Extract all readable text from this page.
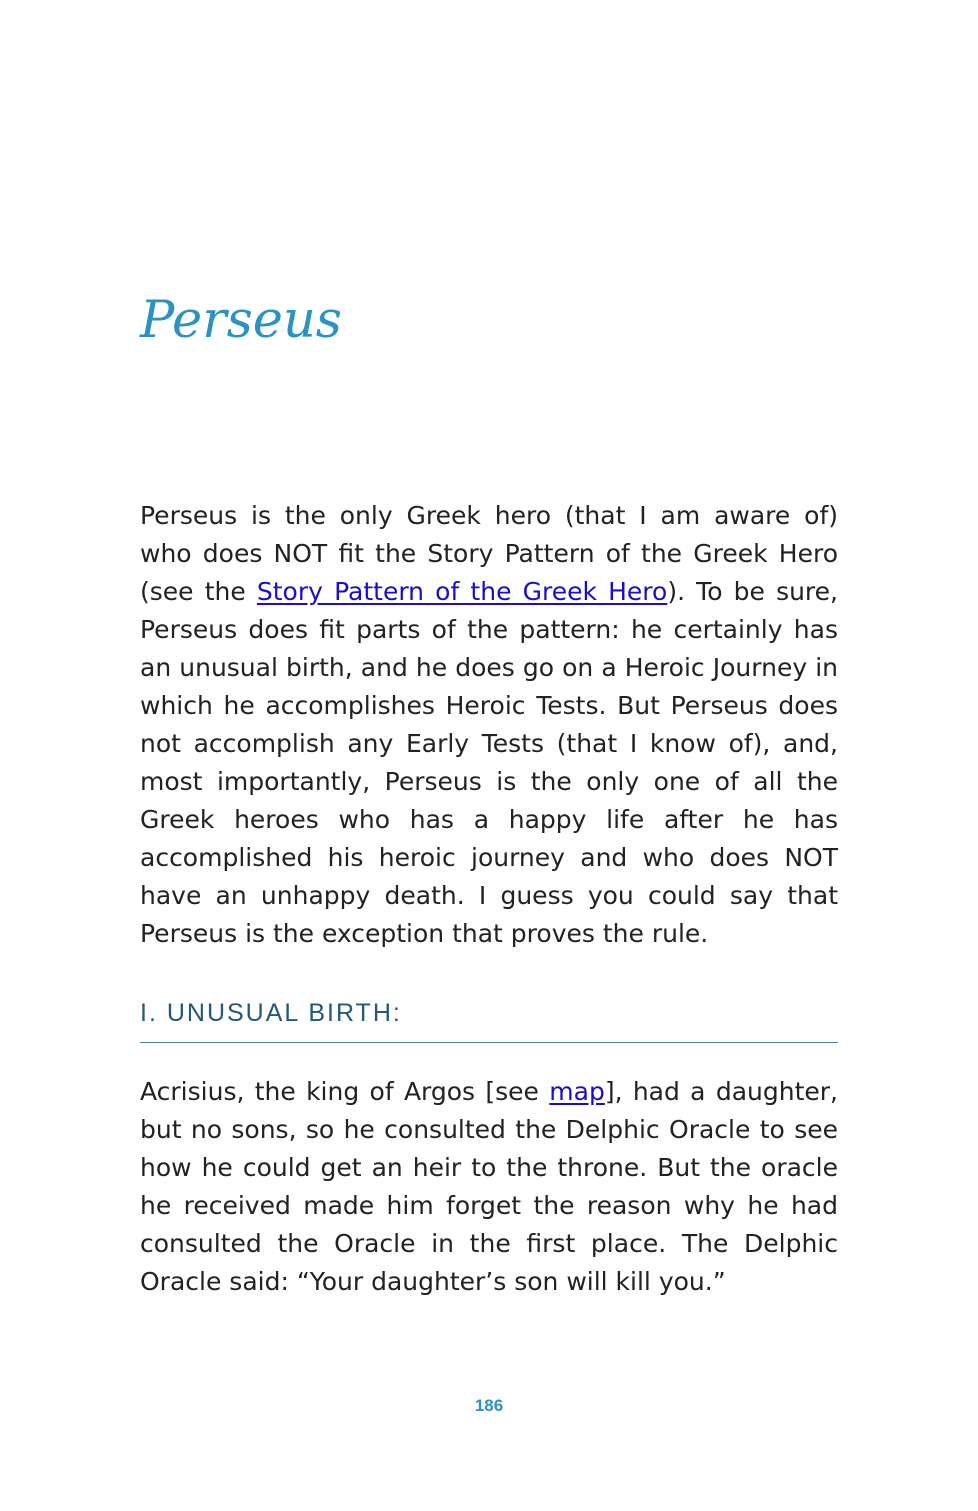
Perseus

Perseus is the only Greek hero (that I am aware of) who does NOT fit the Story Pattern of the Greek Hero (see the Story Pattern of the Greek Hero). To be sure, Perseus does fit parts of the pattern: he certainly has an unusual birth, and he does go on a Heroic Journey in which he accomplishes Heroic Tests. But Perseus does not accomplish any Early Tests (that I know of), and, most importantly, Perseus is the only one of all the Greek heroes who has a happy life after he has accomplished his heroic journey and who does NOT have an unhappy death. I guess you could say that Perseus is the exception that proves the rule.

I. UNUSUAL BIRTH:

Acrisius, the king of Argos [see map], had a daughter, but no sons, so he consulted the Delphic Oracle to see how he could get an heir to the throne. But the oracle he received made him forget the reason why he had consulted the Oracle in the first place. The Delphic Oracle said: “Your daughter’s son will kill you.”

186
